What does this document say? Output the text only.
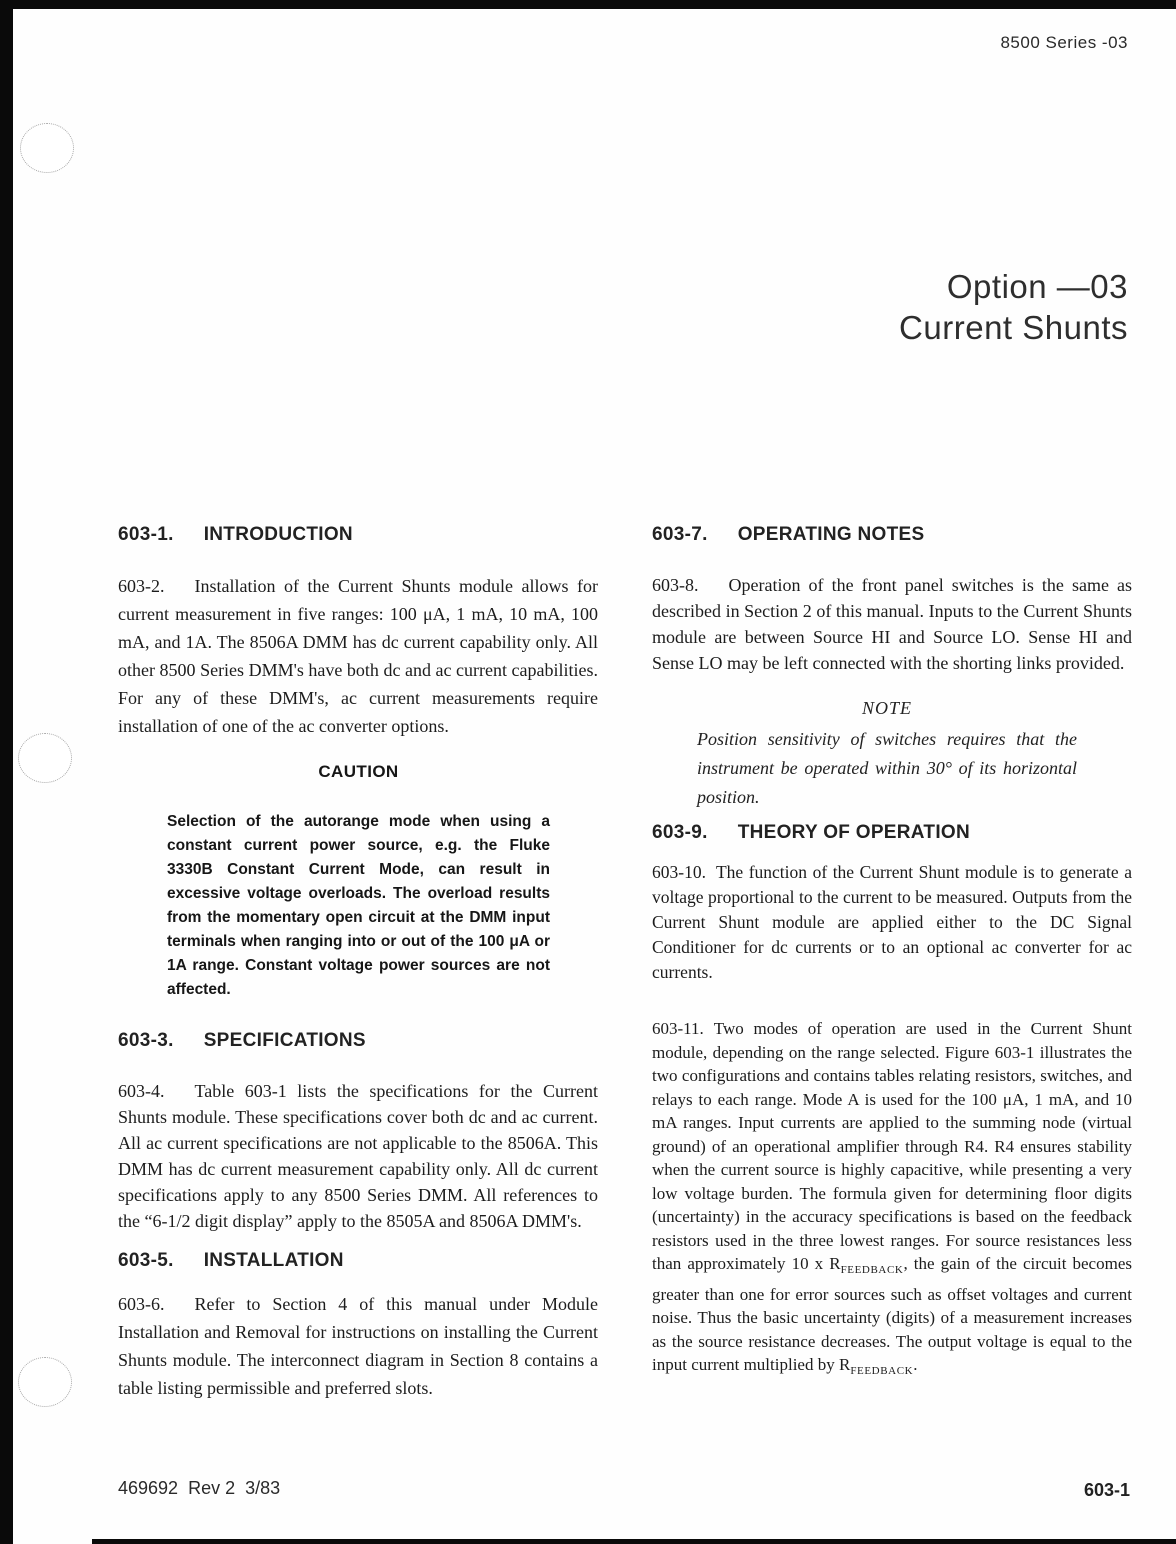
8500 Series -03
Option —03
Current Shunts
603-1. INTRODUCTION

603-2. Installation of the Current Shunts module allows for current measurement in five ranges: 100 μA, 1 mA, 10 mA, 100 mA, and 1A. The 8506A DMM has dc current capability only. All other 8500 Series DMM's have both dc and ac current capabilities. For any of these DMM's, ac current measurements require installation of one of the ac converter options.

CAUTION

Selection of the autorange mode when using a constant current power source, e.g. the Fluke 3330B Constant Current Mode, can result in excessive voltage overloads. The overload results from the momentary open circuit at the DMM input terminals when ranging into or out of the 100 μA or 1A range. Constant voltage power sources are not affected.

603-3. SPECIFICATIONS

603-4. Table 603-1 lists the specifications for the Current Shunts module. These specifications cover both dc and ac current. All ac current specifications are not applicable to the 8506A. This DMM has dc current measurement capability only. All dc current specifications apply to any 8500 Series DMM. All references to the “6-1/2 digit display” apply to the 8505A and 8506A DMM's.

603-5. INSTALLATION

603-6. Refer to Section 4 of this manual under Module Installation and Removal for instructions on installing the Current Shunts module. The interconnect diagram in Section 8 contains a table listing permissible and preferred slots.

603-7. OPERATING NOTES

603-8. Operation of the front panel switches is the same as described in Section 2 of this manual. Inputs to the Current Shunts module are between Source HI and Source LO. Sense HI and Sense LO may be left connected with the shorting links provided.

NOTE

Position sensitivity of switches requires that the instrument be operated within 30° of its horizontal position.

603-9. THEORY OF OPERATION

603-10. The function of the Current Shunt module is to generate a voltage proportional to the current to be measured. Outputs from the Current Shunt module are applied either to the DC Signal Conditioner for dc currents or to an optional ac converter for ac currents.

603-11. Two modes of operation are used in the Current Shunt module, depending on the range selected. Figure 603-1 illustrates the two configurations and contains tables relating resistors, switches, and relays to each range. Mode A is used for the 100 μA, 1 mA, and 10 mA ranges. Input currents are applied to the summing node (virtual ground) of an operational amplifier through R4. R4 ensures stability when the current source is highly capacitive, while presenting a very low voltage burden. The formula given for determining floor digits (uncertainty) in the accuracy specifications is based on the feedback resistors used in the three lowest ranges. For source resistances less than approximately 10 x $R_{FEEDBACK}$, the gain of the circuit becomes greater than one for error sources such as offset voltages and current noise. Thus the basic uncertainty (digits) of a measurement increases as the source resistance decreases. The output voltage is equal to the input current multiplied by $R_{FEEDBACK}$.

469692  Rev 2  3/83	603-1
